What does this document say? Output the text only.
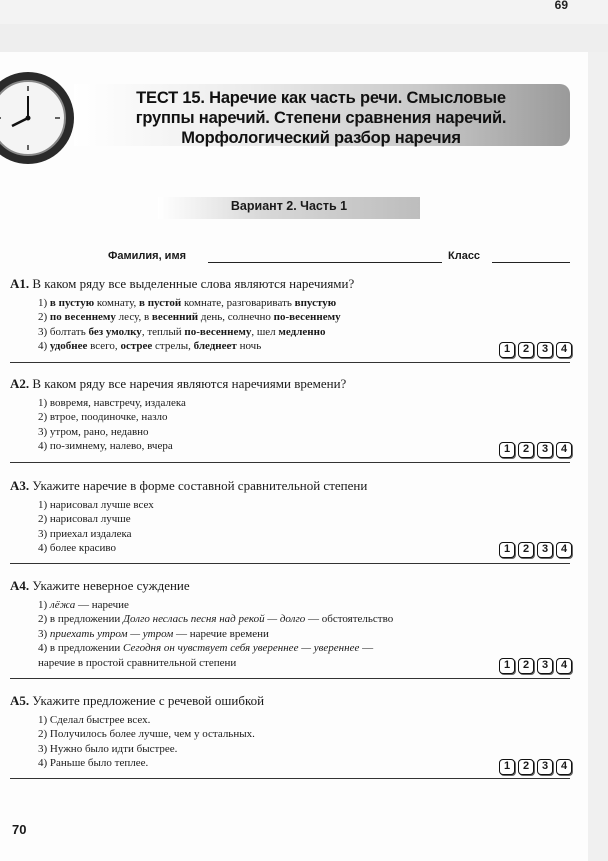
69
ТЕСТ 15. Наречие как часть речи. Смысловые
группы наречий. Степени сравнения наречий.
Морфологический разбор наречия
Вариант 2. Часть 1
Фамилия, имя	Класс
А1. В каком ряду все выделенные слова являются наречиями?
1) в пустую комнату, в пустой комнате, разговаривать впустую
2) по весеннему лесу, в весенний день, солнечно по-весеннему
3) болтать без умолку, теплый по-весеннему, шел медленно
4) удобнее всего, острее стрелы, бледнеет ночь	1	2	3	4
А2. В каком ряду все наречия являются наречиями времени?
1) вовремя, навстречу, издалека
2) втрое, поодиночке, назло
3) утром, рано, недавно
4) по-зимнему, налево, вчера	1	2	3	4
А3. Укажите наречие в форме составной сравнительной степени
1) нарисовал лучше всех
2) нарисовал лучше
3) приехал издалека
4) более красиво	1	2	3	4
А4. Укажите неверное суждение
1) лёжа — наречие
2) в предложении Долго неслась песня над рекой — долго — обстоятельство
3) приехать утром — утром — наречие времени
4) в предложении Сегодня он чувствует себя увереннее — увереннее —
наречие в простой сравнительной степени	1	2	3	4
А5. Укажите предложение с речевой ошибкой
1) Сделал быстрее всех.
2) Получилось более лучше, чем у остальных.
3) Нужно было идти быстрее.
4) Раньше было теплее.	1	2	3	4
70
